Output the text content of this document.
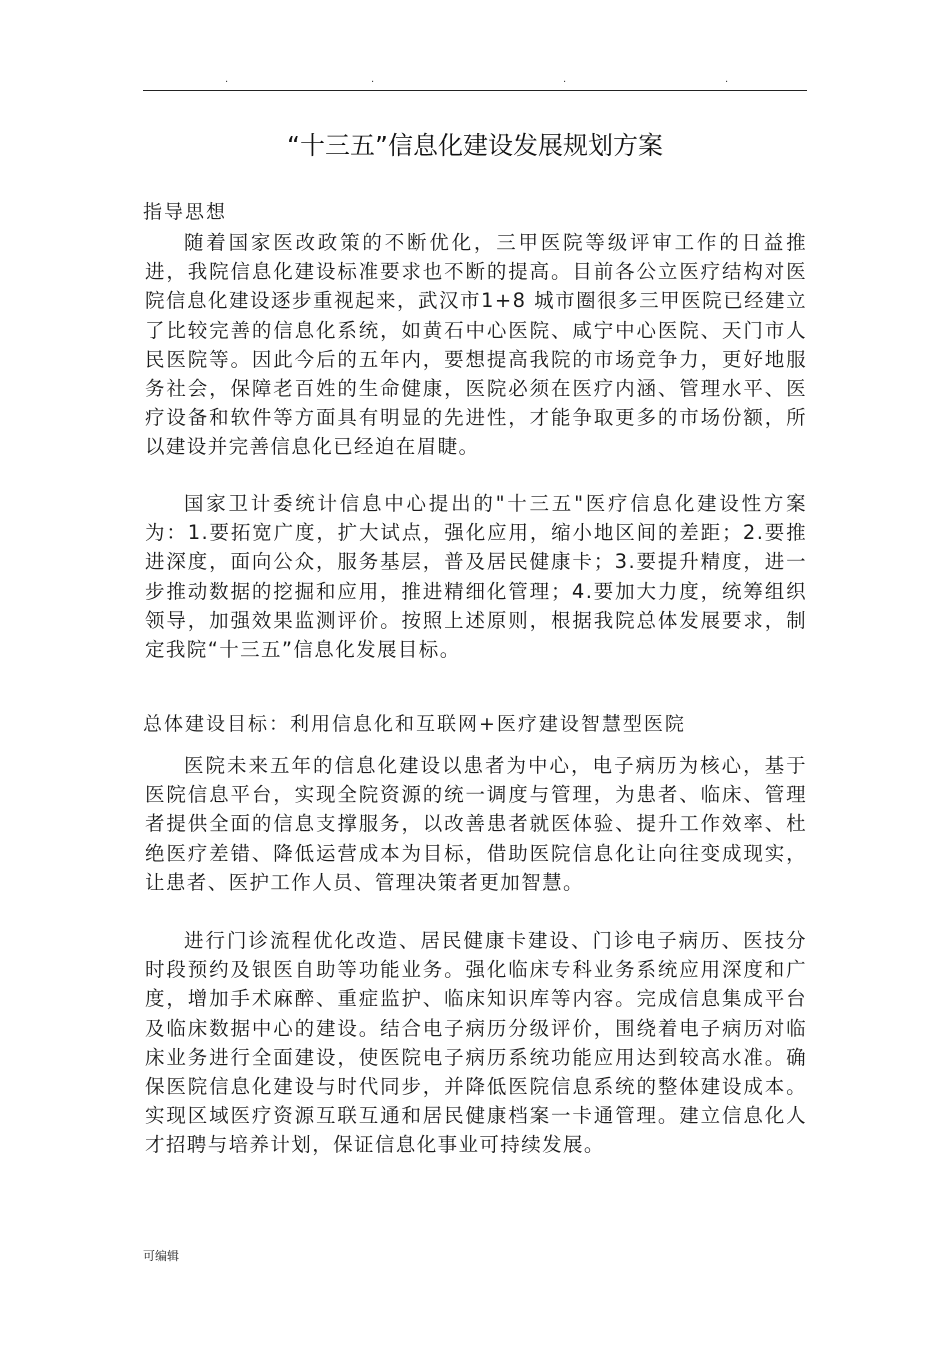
.	.	.	.
“十三五”信息化建设发展规划方案
指导思想

随着国家医改政策的不断优化，三甲医院等级评审工作的日益推进，我院信息化建设标准要求也不断的提高。目前各公立医疗结构对医院信息化建设逐步重视起来，武汉市1+8 城市圈很多三甲医院已经建立了比较完善的信息化系统，如黄石中心医院、咸宁中心医院、天门市人民医院等。因此今后的五年内，要想提高我院的市场竞争力，更好地服务社会，保障老百姓的生命健康，医院必须在医疗内涵、管理水平、医疗设备和软件等方面具有明显的先进性，才能争取更多的市场份额，所以建设并完善信息化已经迫在眉睫。

国家卫计委统计信息中心提出的"十三五"医疗信息化建设性方案为：1.要拓宽广度，扩大试点，强化应用，缩小地区间的差距；2.要推进深度，面向公众，服务基层，普及居民健康卡；3.要提升精度，进一步推动数据的挖掘和应用，推进精细化管理；4.要加大力度，统筹组织领导，加强效果监测评价。按照上述原则，根据我院总体发展要求，制定我院“十三五”信息化发展目标。

总体建设目标：利用信息化和互联网+医疗建设智慧型医院

医院未来五年的信息化建设以患者为中心，电子病历为核心，基于医院信息平台，实现全院资源的统一调度与管理，为患者、临床、管理者提供全面的信息支撑服务，以改善患者就医体验、提升工作效率、杜绝医疗差错、降低运营成本为目标，借助医院信息化让向往变成现实，让患者、医护工作人员、管理决策者更加智慧。

进行门诊流程优化改造、居民健康卡建设、门诊电子病历、医技分时段预约及银医自助等功能业务。强化临床专科业务系统应用深度和广度，增加手术麻醉、重症监护、临床知识库等内容。完成信息集成平台及临床数据中心的建设。结合电子病历分级评价，围绕着电子病历对临床业务进行全面建设，使医院电子病历系统功能应用达到较高水准。确保医院信息化建设与时代同步，并降低医院信息系统的整体建设成本。实现区域医疗资源互联互通和居民健康档案一卡通管理。建立信息化人才招聘与培养计划，保证信息化事业可持续发展。

可编辑
